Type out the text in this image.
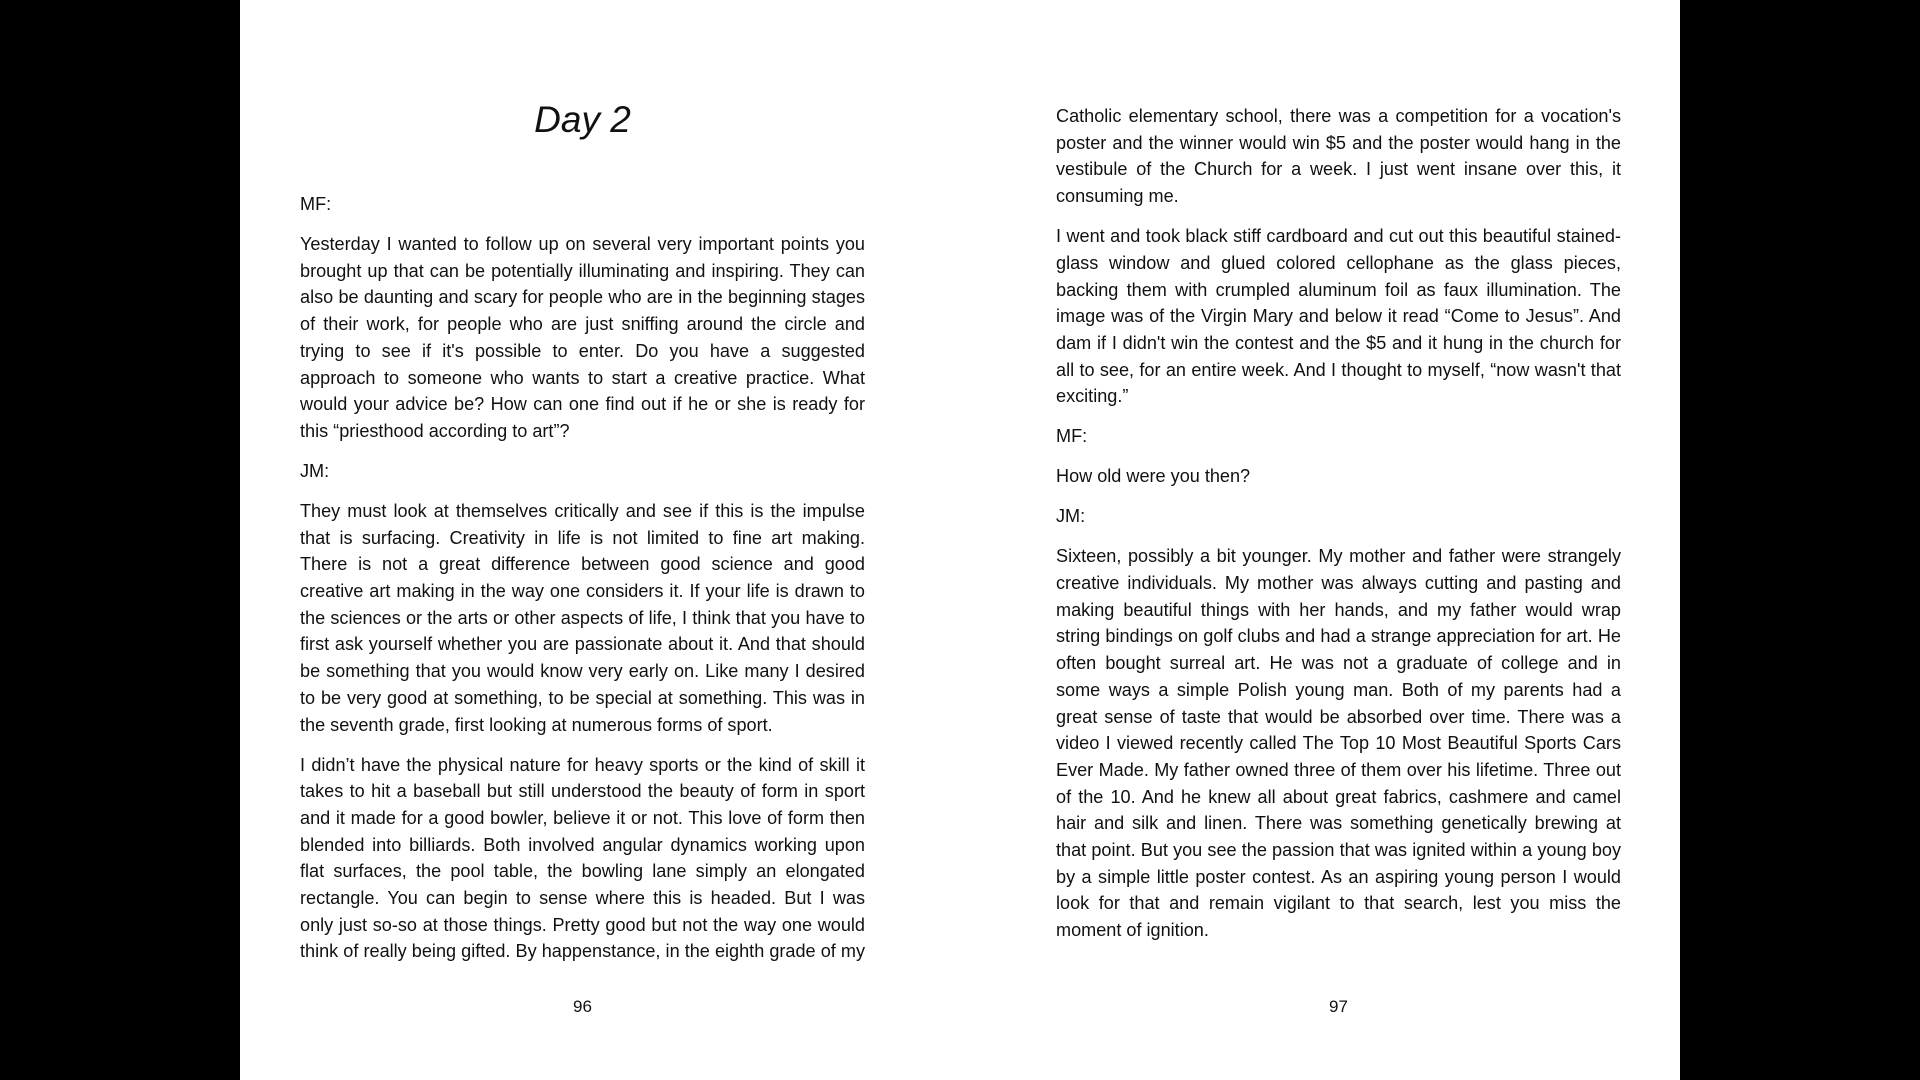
Day 2

MF:

Yesterday I wanted to follow up on several very important points you brought up that can be potentially illuminating and inspiring. They can also be daunting and scary for people who are in the beginning stages of their work, for people who are just sniffing around the circle and trying to see if it's possible to enter. Do you have a suggested approach to someone who wants to start a creative practice. What would your advice be? How can one find out if he or she is ready for this “priesthood according to art”?

JM:

They must look at themselves critically and see if this is the impulse that is surfacing. Creativity in life is not limited to fine art making. There is not a great difference between good science and good creative art making in the way one considers it. If your life is drawn to the sciences or the arts or other aspects of life, I think that you have to first ask yourself whether you are passionate about it. And that should be something that you would know very early on. Like many I desired to be very good at something, to be special at something. This was in the seventh grade, first looking at numerous forms of sport.

I didn’t have the physical nature for heavy sports or the kind of skill it takes to hit a baseball but still understood the beauty of form in sport and it made for a good bowler, believe it or not. This love of form then blended into billiards. Both involved angular dynamics working upon flat surfaces, the pool table, the bowling lane simply an elongated rectangle. You can begin to sense where this is headed. But I was only just so-so at those things. Pretty good but not the way one would think of really being gifted. By happenstance, in the eighth grade of my

96

Catholic elementary school, there was a competition for a vocation's poster and the winner would win $5 and the poster would hang in the vestibule of the Church for a week. I just went insane over this, it consuming me.

I went and took black stiff cardboard and cut out this beautiful stained-glass window and glued colored cellophane as the glass pieces, backing them with crumpled aluminum foil as faux illumination. The image was of the Virgin Mary and below it read “Come to Jesus”. And dam if I didn't win the contest and the $5 and it hung in the church for all to see, for an entire week. And I thought to myself, “now wasn't that exciting.”

MF:

How old were you then?

JM:

Sixteen, possibly a bit younger. My mother and father were strangely creative individuals. My mother was always cutting and pasting and making beautiful things with her hands, and my father would wrap string bindings on golf clubs and had a strange appreciation for art. He often bought surreal art. He was not a graduate of college and in some ways a simple Polish young man. Both of my parents had a great sense of taste that would be absorbed over time. There was a video I viewed recently called The Top 10 Most Beautiful Sports Cars Ever Made. My father owned three of them over his lifetime. Three out of the 10. And he knew all about great fabrics, cashmere and camel hair and silk and linen. There was something genetically brewing at that point. But you see the passion that was ignited within a young boy by a simple little poster contest. As an aspiring young person I would look for that and remain vigilant to that search, lest you miss the moment of ignition.

97
